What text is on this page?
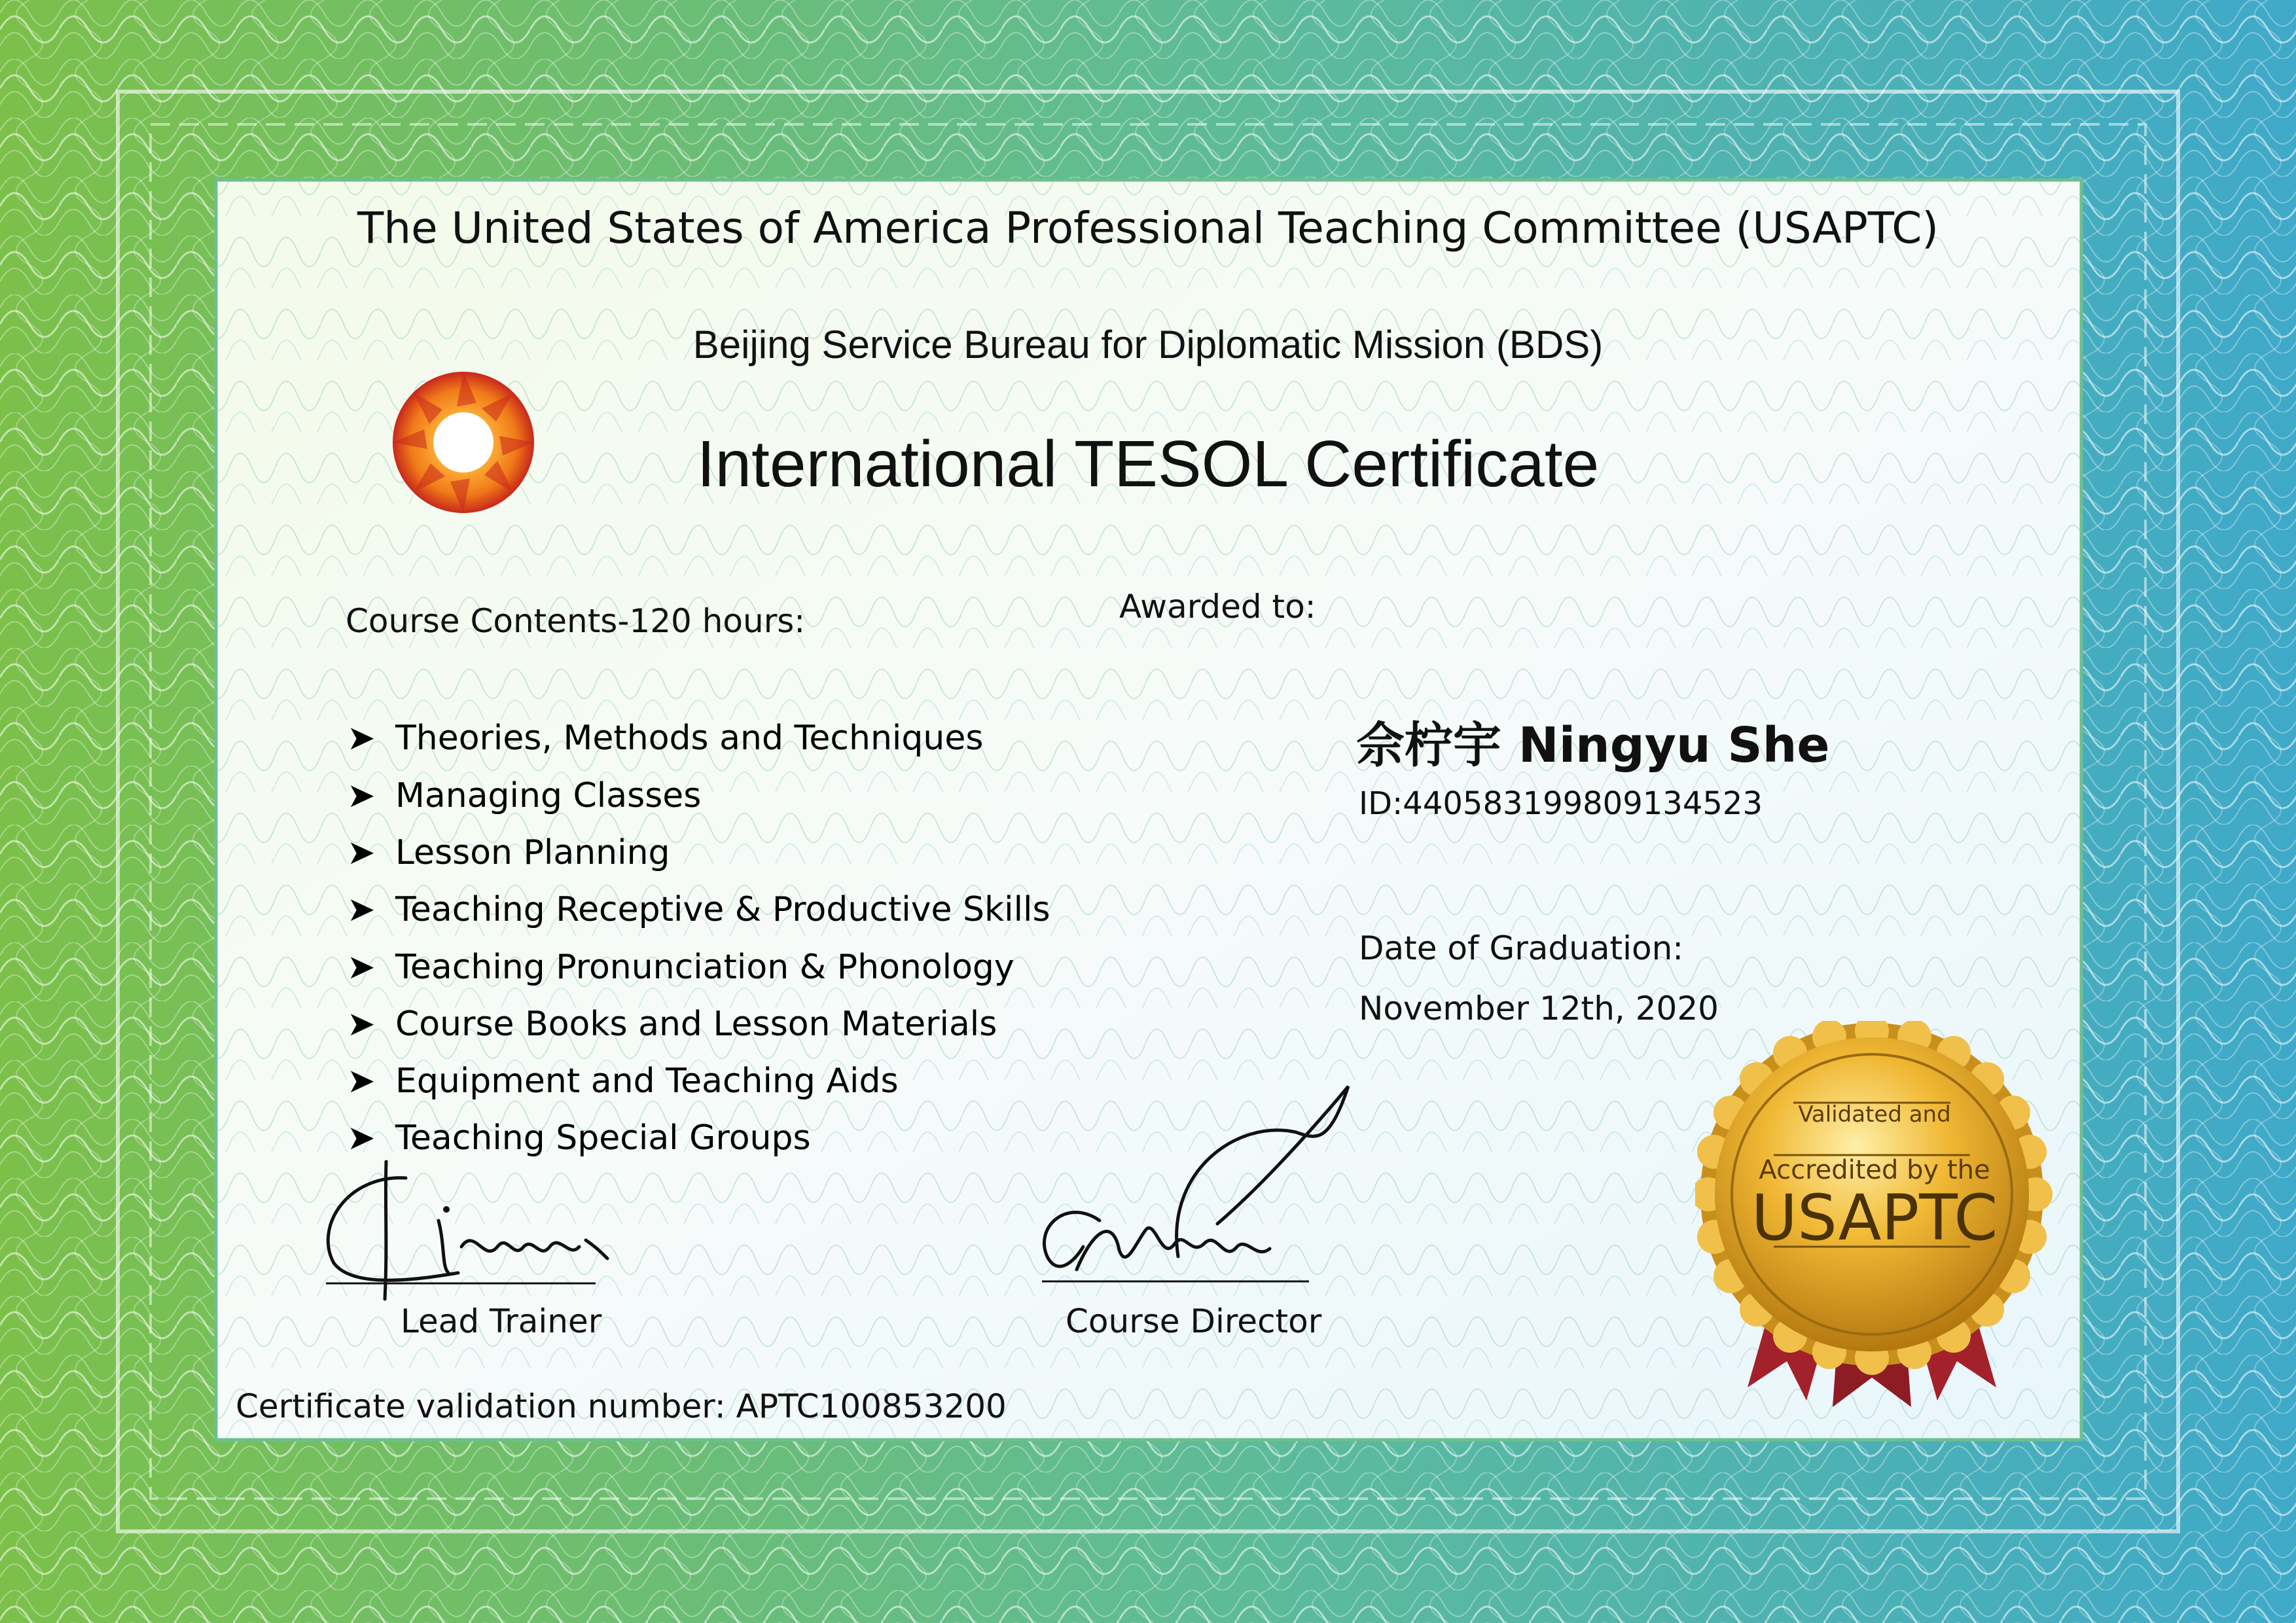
The United States of America Professional Teaching Committee (USAPTC)

Beijing Service Bureau for Diplomatic Mission (BDS)

International TESOL Certificate

Course Contents-120 hours:

➤ Theories, Methods and Techniques
➤ Managing Classes
➤ Lesson Planning
➤ Teaching Receptive & Productive Skills
➤ Teaching Pronunciation & Phonology
➤ Course Books and Lesson Materials
➤ Equipment and Teaching Aids
➤ Teaching Special Groups

Awarded to:

佘柠宇 Ningyu She

ID:440583199809134523

Date of Graduation:

November 12th, 2020

Lead Trainer	Course Director

Certificate validation number: APTC100853200

Validated and

Accredited by the

USAPTC
